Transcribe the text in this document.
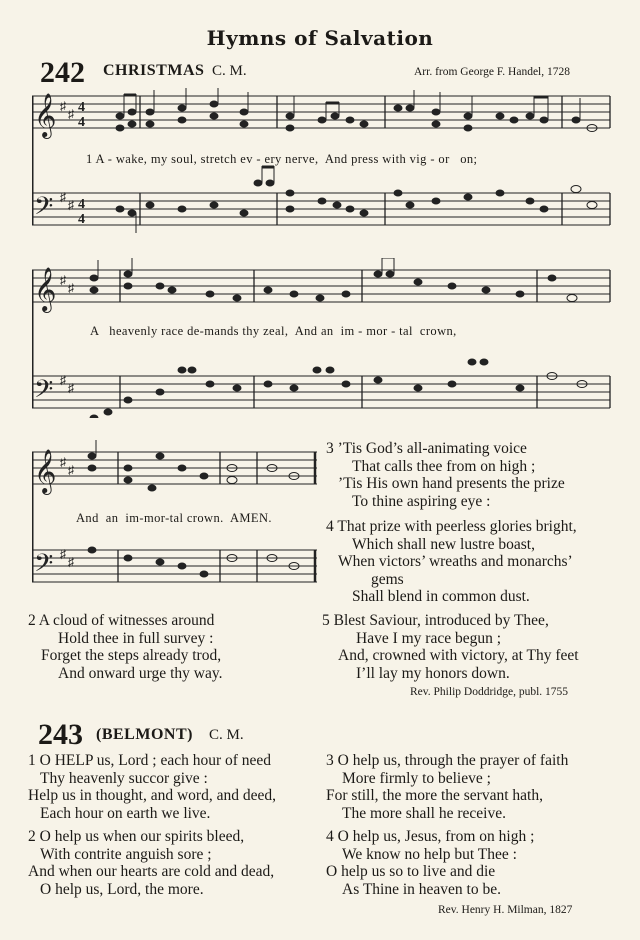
Hymns of Salvation
242 CHRISTMAS C. M.	Arr. from George F. Handel, 1728
𝄞
𝄢
♯
♯
♯
♯
4
4
4
4
1 A - wake, my soul, stretch ev - ery nerve,  And press with vig - or   on;
𝄞
𝄢
♯
♯
♯
♯
A   heavenly race de-mands thy zeal,  And an  im - mor - tal  crown,
𝄞
𝄢
♯
♯
♯
♯
And  an  im-mor-tal crown.  AMEN.
3 ’Tis God’s all-animating voice
That calls thee from on high ;
’Tis His own hand presents the prize
To thine aspiring eye :
4 That prize with peerless glories bright,
Which shall new lustre boast,
When victors’ wreaths and monarchs’
gems
Shall blend in common dust.
5 Blest Saviour, introduced by Thee,
Have I my race begun ;
And, crowned with victory, at Thy feet
I’ll lay my honors down.
2 A cloud of witnesses around
Hold thee in full survey :
Forget the steps already trod,
And onward urge thy way.
Rev. Philip Doddridge, publ. 1755
243 (BELMONT) C. M.
1 O HELP us, Lord ; each hour of need
Thy heavenly succor give :
Help us in thought, and word, and deed,
Each hour on earth we live.
2 O help us when our spirits bleed,
With contrite anguish sore ;
And when our hearts are cold and dead,
O help us, Lord, the more.
3 O help us, through the prayer of faith
More firmly to believe ;
For still, the more the servant hath,
The more shall he receive.
4 O help us, Jesus, from on high ;
We know no help but Thee :
O help us so to live and die
As Thine in heaven to be.
Rev. Henry H. Milman, 1827
